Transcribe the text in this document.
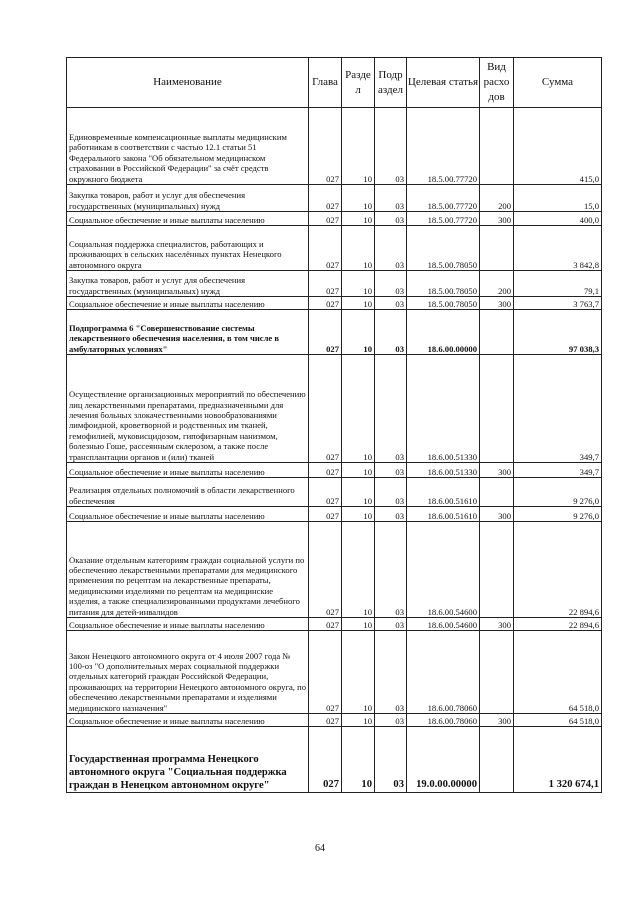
Наименование	Глава	Разде л	Подр аздел	Целевая статья	Вид расхо дов	Сумма
Единовременные компенсационные выплаты медицинским работникам в соответствии с частью 12.1 статьи 51 Федерального закона "Об обязательном медицинском страховании в Российской Федерации" за счёт средств окружного бюджета	027	10	03	18.5.00.77720		415,0
Закупка товаров, работ и услуг для обеспечения государственных (муниципальных) нужд	027	10	03	18.5.00.77720	200	15,0
Социальное обеспечение и иные выплаты населению	027	10	03	18.5.00.77720	300	400,0
Социальная поддержка специалистов, работающих и проживающих в сельских населённых пунктах Ненецкого автономного округа	027	10	03	18.5.00.78050		3 842,8
Закупка товаров, работ и услуг для обеспечения государственных (муниципальных) нужд	027	10	03	18.5.00.78050	200	79,1
Социальное обеспечение и иные выплаты населению	027	10	03	18.5.00.78050	300	3 763,7
Подпрограмма 6 "Совершенствование системы лекарственного обеспечения населения, в том числе в амбулаторных условиях"	027	10	03	18.6.00.00000		97 038,3
Осуществление организационных мероприятий по обеспечению лиц лекарственными препаратами, предназначенными для лечения больных злокачественными новообразованиями лимфоидной, кроветворной и родственных им тканей, гемофилией, муковисцидозом, гипофизарным нанизмом, болезнью Гоше, рассеянным склерозом, а также после трансплантации органов и (или) тканей	027	10	03	18.6.00.51330		349,7
Социальное обеспечение и иные выплаты населению	027	10	03	18.6.00.51330	300	349,7
Реализация отдельных полномочий в области лекарственного обеспечения	027	10	03	18.6.00.51610		9 276,0
Социальное обеспечение и иные выплаты населению	027	10	03	18.6.00.51610	300	9 276,0
Оказание отдельным категориям граждан социальной услуги по обеспечению лекарственными препаратами для медицинского применения по рецептам на лекарственные препараты, медицинскими изделиями по рецептам на медицинские изделия, а также специализированными продуктами лечебного питания для детей-инвалидов	027	10	03	18.6.00.54600		22 894,6
Социальное обеспечение и иные выплаты населению	027	10	03	18.6.00.54600	300	22 894,6
Закон Ненецкого автономного округа от 4 июля 2007 года № 100-оз "О дополнительных мерах социальной поддержки отдельных категорий граждан Российской Федерации, проживающих на территории Ненецкого автономного округа, по обеспечению лекарственными препаратами и изделиями медицинского назначения"	027	10	03	18.6.00.78060		64 518,0
Социальное обеспечение и иные выплаты населению	027	10	03	18.6.00.78060	300	64 518,0
Государственная программа Ненецкого автономного округа "Социальная поддержка граждан в Ненецком автономном округе"	027	10	03	19.0.00.00000		1 320 674,1
64
